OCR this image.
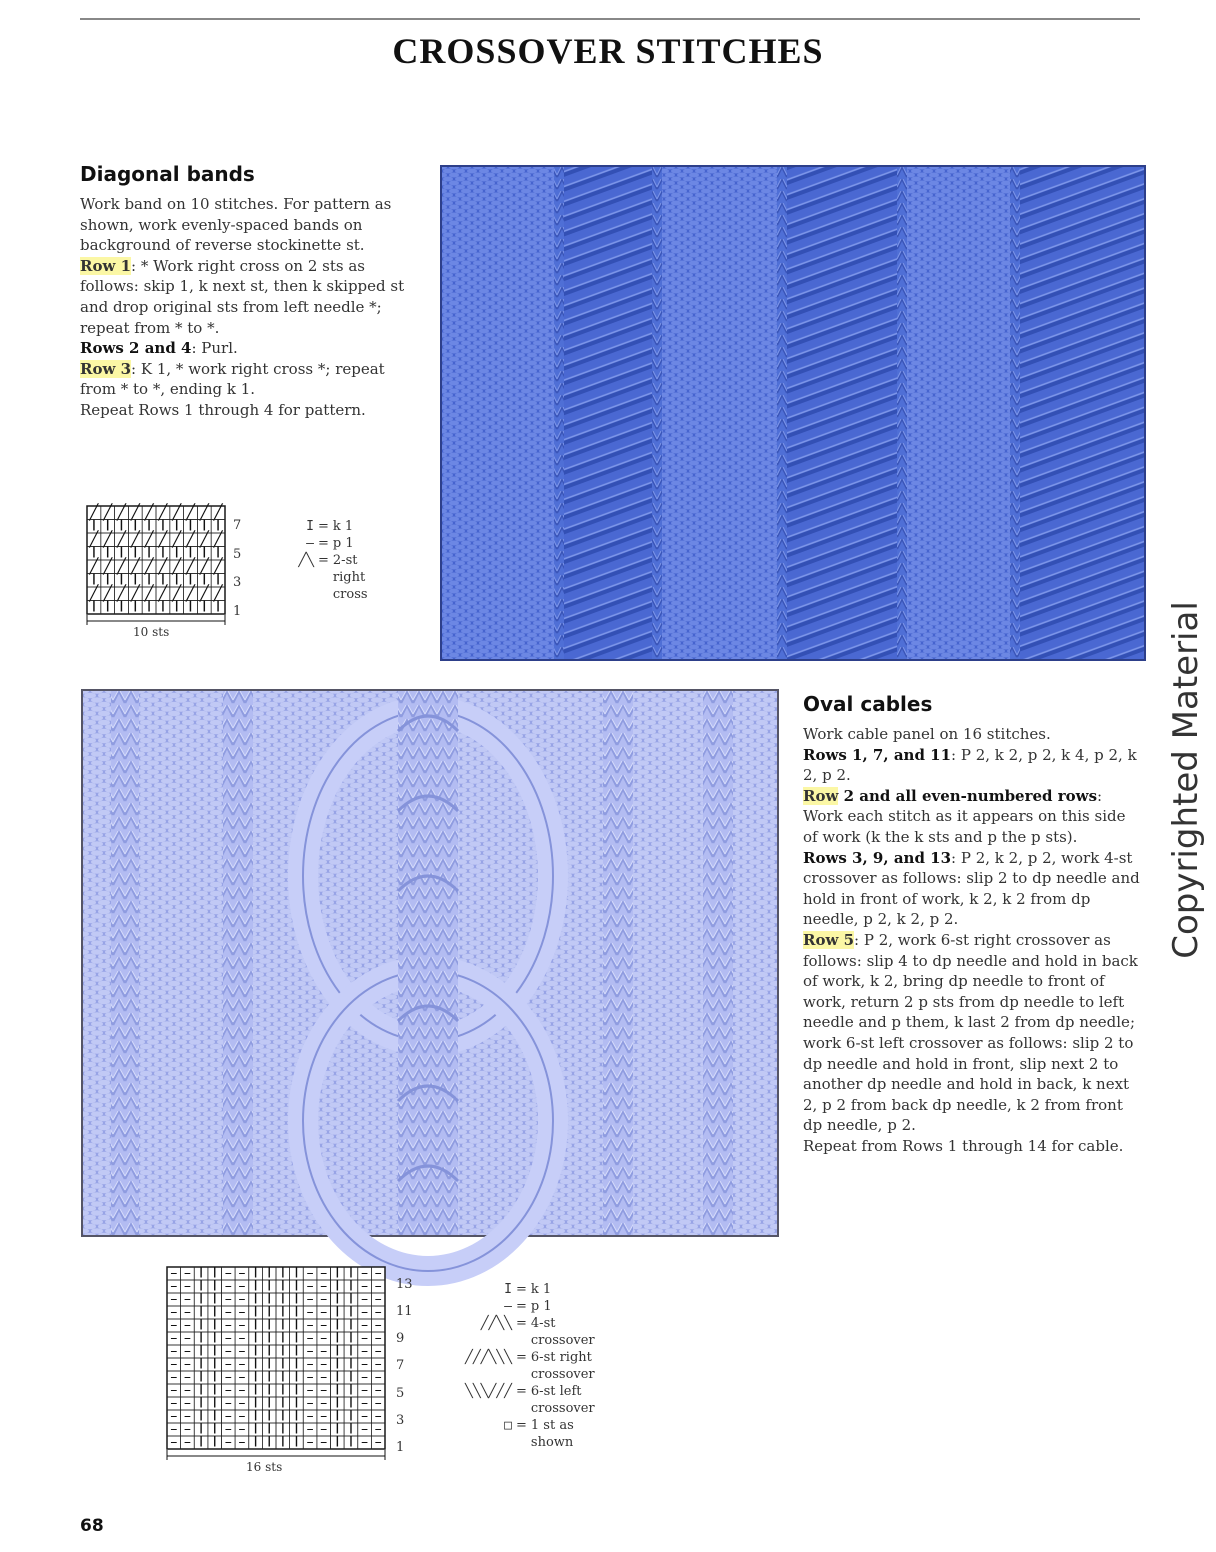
CROSSOVER STITCHES
Diagonal bands

Work band on 10 stitches. For pattern as shown, work evenly-spaced bands on background of reverse stockinette st.

Row 1: * Work right cross on 2 sts as follows: skip 1, k next st, then k skipped st and drop original sts from left needle *; repeat from * to *.

Rows 2 and 4: Purl.

Row 3: K 1, * work right cross *; repeat from * to *, ending k 1.

Repeat Rows 1 through 4 for pattern.

╱ ╱ ╱ ╱ ╱ ╱ ╱ ╱ ╱ ╱
I I I I I I I I I I
╱ ╱ ╱ ╱ ╱ ╱ ╱ ╱ ╱ ╱
I I I I I I I I I I
╱ ╱ ╱ ╱ ╱ ╱ ╱ ╱ ╱ ╱
I I I I I I I I I I
╱ ╱ ╱ ╱ ╱ ╱ ╱ ╱ ╱ ╱
I I I I I I I I I I
7
5
3
1
10 sts
I = k 1
– = p 1
╱╲ = 2-st right cross
Oval cables

Work cable panel on 16 stitches.

Rows 1, 7, and 11: P 2, k 2, p 2, k 4, p 2, k 2, p 2.

Row 2 and all even-numbered rows: Work each stitch as it appears on this side of work (k the k sts and p the p sts).

Rows 3, 9, and 13: P 2, k 2, p 2, work 4-st crossover as follows: slip 2 to dp needle and hold in front of work, k 2, k 2 from dp needle, p 2, k 2, p 2.

Row 5: P 2, work 6-st right crossover as follows: slip 4 to dp needle and hold in back of work, k 2, bring dp needle to front of work, return 2 p sts from dp needle to left needle and p them, k last 2 from dp needle; work 6-st left crossover as follows: slip 2 to dp needle and hold in front, slip next 2 to another dp needle and hold in back, k next 2, p 2 from back dp needle, k 2 from front dp needle, p 2.

Repeat from Rows 1 through 14 for cable.

– – I I – – I I I I – – I I – –
– – I I – – I I I I – – I I – –
– – I I – – I I I I – – I I – –
– – I I – – I I I I – – I I – –
– – I I – – I I I I – – I I – –
– – I I – – I I I I – – I I – –
– – I I – – I I I I – – I I – –
– – I I – – I I I I – – I I – –
– – I I – – I I I I – – I I – –
– – I I – – I I I I – – I I – –
– – I I – – I I I I – – I I – –
– – I I – – I I I I – – I I – –
– – I I – – I I I I – – I I – –
– – I I – – I I I I – – I I – –
13
11
9
7
5
3
1
16 sts
I = k 1
– = p 1
╱╱╲╲ = 4-st crossover
╱╱╱╲╲╲ = 6-st right crossover
╲╲╲╱╱╱ = 6-st left crossover
□ = 1 st as shown
68
Copyrighted Material
